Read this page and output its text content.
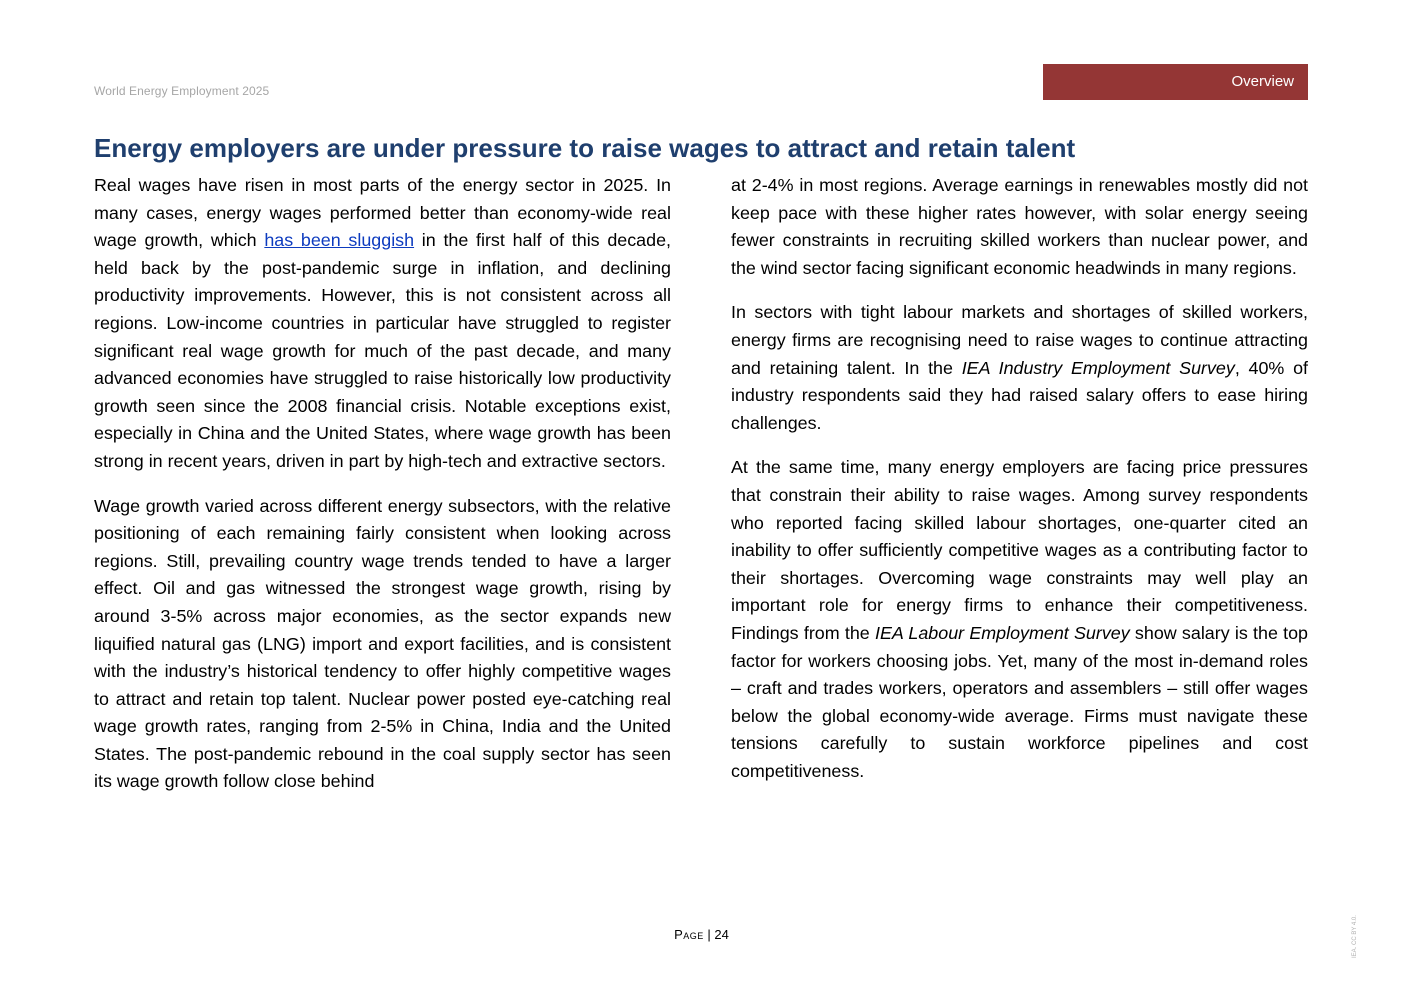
World Energy Employment 2025
Overview
Energy employers are under pressure to raise wages to attract and retain talent

Real wages have risen in most parts of the energy sector in 2025. In many cases, energy wages performed better than economy-wide real wage growth, which has been sluggish in the first half of this decade, held back by the post-pandemic surge in inflation, and declining productivity improvements. However, this is not consistent across all regions. Low-income countries in particular have struggled to register significant real wage growth for much of the past decade, and many advanced economies have struggled to raise historically low productivity growth seen since the 2008 financial crisis. Notable exceptions exist, especially in China and the United States, where wage growth has been strong in recent years, driven in part by high-tech and extractive sectors.

Wage growth varied across different energy subsectors, with the relative positioning of each remaining fairly consistent when looking across regions. Still, prevailing country wage trends tended to have a larger effect. Oil and gas witnessed the strongest wage growth, rising by around 3-5% across major economies, as the sector expands new liquified natural gas (LNG) import and export facilities, and is consistent with the industry’s historical tendency to offer highly competitive wages to attract and retain top talent. Nuclear power posted eye-catching real wage growth rates, ranging from 2-5% in China, India and the United States. The post-pandemic rebound in the coal supply sector has seen its wage growth follow close behind

at 2-4% in most regions. Average earnings in renewables mostly did not keep pace with these higher rates however, with solar energy seeing fewer constraints in recruiting skilled workers than nuclear power, and the wind sector facing significant economic headwinds in many regions.

In sectors with tight labour markets and shortages of skilled workers, energy firms are recognising need to raise wages to continue attracting and retaining talent. In the IEA Industry Employment Survey, 40% of industry respondents said they had raised salary offers to ease hiring challenges.

At the same time, many energy employers are facing price pressures that constrain their ability to raise wages. Among survey respondents who reported facing skilled labour shortages, one-quarter cited an inability to offer sufficiently competitive wages as a contributing factor to their shortages. Overcoming wage constraints may well play an important role for energy firms to enhance their competitiveness. Findings from the IEA Labour Employment Survey show salary is the top factor for workers choosing jobs. Yet, many of the most in-demand roles – craft and trades workers, operators and assemblers – still offer wages below the global economy-wide average. Firms must navigate these tensions carefully to sustain workforce pipelines and cost competitiveness.

Page | 24	IEA. CC BY 4.0.
